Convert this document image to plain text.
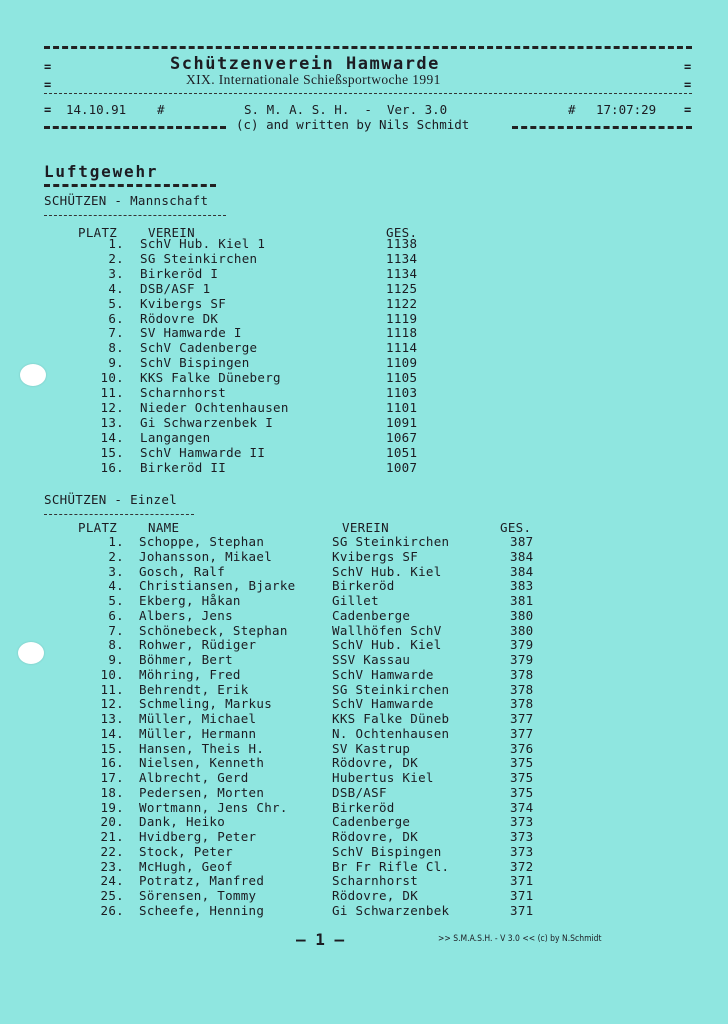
=
=
=
=
Schützenverein Hamwarde
XIX. Internationale Schießsportwoche 1991
= 14.10.91 #	S. M. A. S. H.  -  Ver. 3.0	# 17:07:29 =
(c) and written by Nils Schmidt
Luftgewehr
SCHÜTZEN - Mannschaft
PLATZ VEREIN	GES.
1. SchV Hub. Kiel 1	1138
2. SG Steinkirchen	1134
3. Birkeröd I	1134
4. DSB/ASF 1	1125
5. Kvibergs SF	1122
6. Rödovre DK	1119
7. SV Hamwarde I	1118
8. SchV Cadenberge	1114
9. SchV Bispingen	1109
10. KKS Falke Düneberg	1105
11. Scharnhorst	1103
12. Nieder Ochtenhausen	1101
13. Gi Schwarzenbek I	1091
14. Langangen	1067
15. SchV Hamwarde II	1051
16. Birkeröd II	1007
SCHÜTZEN - Einzel
PLATZ NAME	VEREIN	GES.
1. Schoppe, Stephan	SG Steinkirchen	387
2. Johansson, Mikael	Kvibergs SF	384
3. Gosch, Ralf	SchV Hub. Kiel	384
4. Christiansen, Bjarke	Birkeröd	383
5. Ekberg, Håkan	Gillet	381
6. Albers, Jens	Cadenberge	380
7. Schönebeck, Stephan	Wallhöfen SchV	380
8. Rohwer, Rüdiger	SchV Hub. Kiel	379
9. Böhmer, Bert	SSV Kassau	379
10. Möhring, Fred	SchV Hamwarde	378
11. Behrendt, Erik	SG Steinkirchen	378
12. Schmeling, Markus	SchV Hamwarde	378
13. Müller, Michael	KKS Falke Düneb	377
14. Müller, Hermann	N. Ochtenhausen	377
15. Hansen, Theis H.	SV Kastrup	376
16. Nielsen, Kenneth	Rödovre, DK	375
17. Albrecht, Gerd	Hubertus Kiel	375
18. Pedersen, Morten	DSB/ASF	375
19. Wortmann, Jens Chr.	Birkeröd	374
20. Dank, Heiko	Cadenberge	373
21. Hvidberg, Peter	Rödovre, DK	373
22. Stock, Peter	SchV Bispingen	373
23. McHugh, Geof	Br Fr Rifle Cl.	372
24. Potratz, Manfred	Scharnhorst	371
25. Sörensen, Tommy	Rödovre, DK	371
26. Scheefe, Henning	Gi Schwarzenbek	371
— 1 —	>> S.M.A.S.H. - V 3.0 << (c) by N.Schmidt
